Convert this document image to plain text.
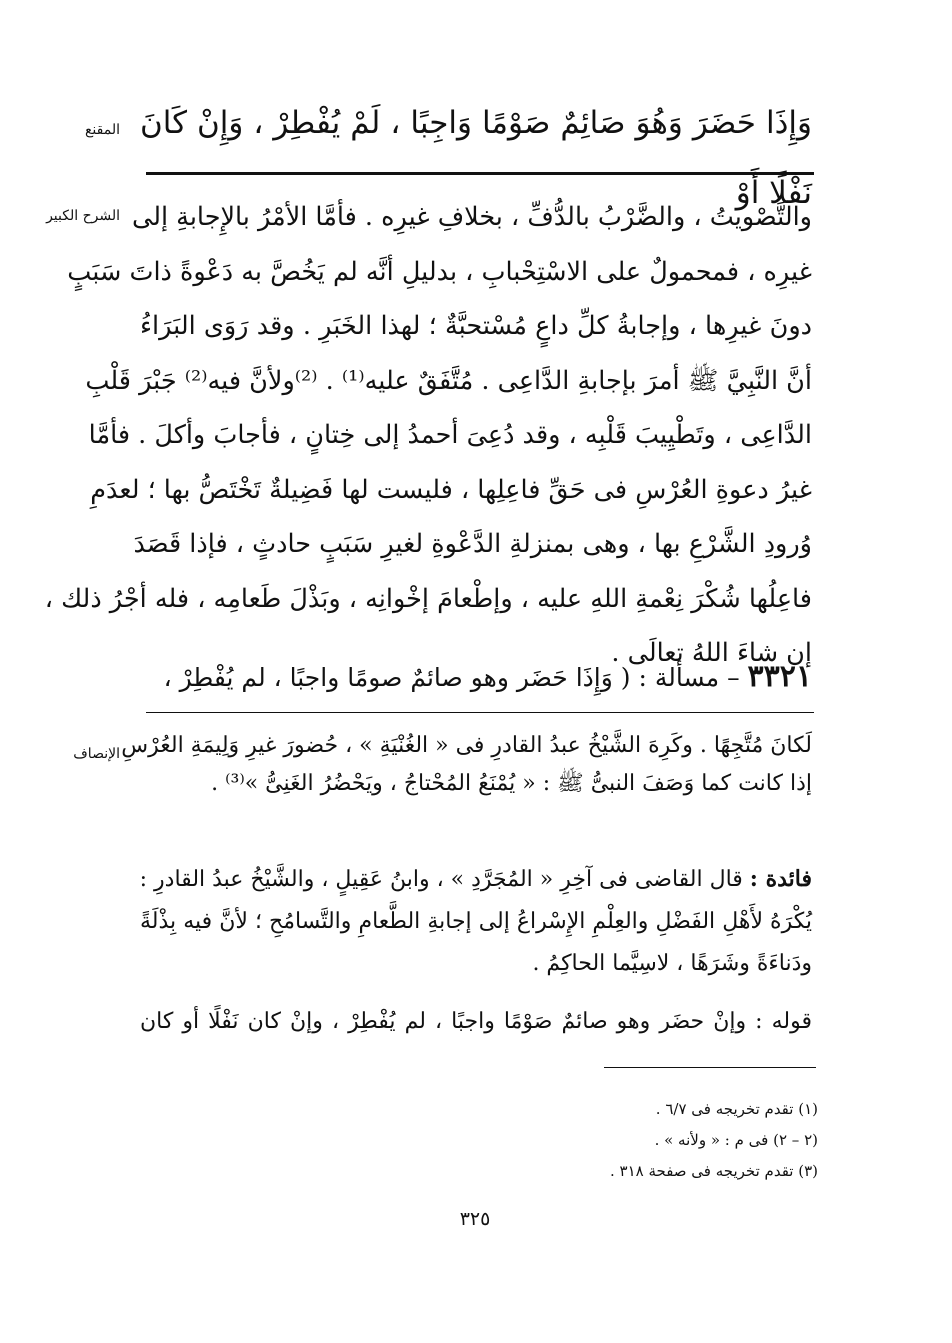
المقنع وَإِذَا حَضَرَ وَهُوَ صَائِمٌ صَوْمًا وَاجِبًا ، لَمْ يُفْطِرْ ، وَإِنْ كَانَ نَفْلًا أَوْ
الشرح الكبير والتَّصْويتُ ، والضَّرْبُ بالدُّفِّ ، بخلافِ غيرِه . فأمَّا الأمْرُ بالإِجابةِ إلى
غيرِه ، فمحمولٌ على الاسْتِحْبابِ ، بدليلِ أنَّه لم يَخُصَّ به دَعْوةً ذاتَ سَبَبٍ
دونَ غيرِها ، وإجابةُ كلِّ داعٍ مُسْتحبَّةٌ ؛ لهذا الخَبَرِ . وقد رَوَى البَرَاءُ
أنَّ النَّبِيَّ ﷺ أمرَ بإجابةِ الدَّاعِى . مُتَّفَقٌ عليه⁽¹⁾ . ⁽²⁾ولأنَّ فيه⁽²⁾ جَبْرَ قَلْبِ
الدَّاعِى ، وتَطْيِيبَ قَلْبِه ، وقد دُعِىَ أحمدُ إلى خِتانٍ ، فأجابَ وأكلَ . فأمَّا
غيرُ دعوةِ العُرْسِ فى حَقِّ فاعِلِها ، فليست لها فَضِيلةٌ تَخْتَصُّ بها ؛ لعدَمِ
وُرودِ الشَّرْعِ بها ، وهى بمنزلةِ الدَّعْوةِ لغيرِ سَبَبٍ حادثٍ ، فإذا قَصَدَ
فاعِلُها شُكْرَ نِعْمةِ اللهِ عليه ، وإطْعامَ إخْوانِه ، وبَذْلَ طَعامِه ، فله أجْرُ ذلك ،
إن شاءَ اللهُ تعالَى .
٣٣٢١ – مسألة : ( وَإِذَا حَضَر وهو صائمٌ صومًا واجبًا ، لم يُفْطِرْ ،
الإنصاف لَكانَ مُتَّجِهًا . وكَرِهَ الشَّيْخُ عبدُ القادرِ فى « الغُنْيَةِ » ، حُضورَ غيرِ وَلِيمَةِ العُرْسِ
إذا كانت كما وَصَفَ النبىُّ ﷺ : « يُمْنَعُ المُحْتاجُ ، ويَحْضُرُ الغَنِىُّ »⁽³⁾ .
فائدة : قال القاضى فى آخِرِ « المُجَرَّدِ » ، وابنُ عَقِيلٍ ، والشَّيْخُ عبدُ القادرِ :
يُكْرَهُ لأَهْلِ الفَضْلِ والعِلْمِ الإِسْراعُ إلى إجابةِ الطَّعامِ والتَّسامُحِ ؛ لأنَّ فيه بِذْلَةً
ودَناءَةً وشَرَهًا ، لاسِيَّما الحاكِمُ .
قوله : وإنْ حضَر وهو صائمٌ صَوْمًا واجبًا ، لم يُفْطِرْ ، وإنْ كان نَفْلًا أو كان

(١) تقدم تخريجه فى ٦/٧ .

(٢ – ٢) فى م : « ولأنه » .

(٣) تقدم تخريجه فى صفحة ٣١٨ .

٣٢٥
